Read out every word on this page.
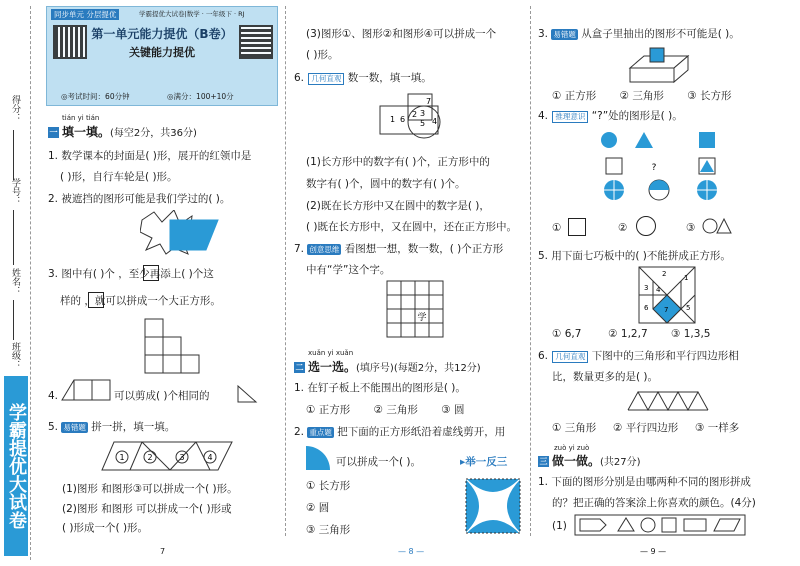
得分：
学号：
姓名：
班级：
学霸提优大试卷
同步单元 分层提优	学霸提优大试卷|数学 · 一年级下 · RJ
第一单元能力提优（B卷）
关键能力提优
◎考试时间：60分钟	◎满分：100+10分
tián yi tián
一 填一填。(每空2分，共36分)
1. 数学课本的封面是( )形，展开的红领巾是
( )形，自行车轮是( )形。
2. 被遮挡的图形可能是我们学过的( )。
3. 图中有( )个 ，至少再添上( )个这
样的 ，就可以拼成一个大正方形。
4.	可以剪成( )个相同的
5. 易错题 拼一拼，填一填。
1	2	3	4
(1)图形 和图形③可以拼成一个( )形。
(2)图形 和图形 可以拼成一个( )形或
( )形成一个( )形。
7
(3)图形①、图形②和图形④可以拼成一个
( )形。
6. 几何直观 数一数，填一填。
7
1 6
2 3
5 4
(1)长方形中的数字有( )个，正方形中的
数字有( )个，圆中的数字有( )个。
(2)既在长方形中又在圆中的数字是( )，
( )既在长方形中，又在圆中，还在正方形中。
7. 创意思维 看图想一想，数一数，( )个正方形
中有“学”这个字。
学
xuǎn yi xuǎn
二 选一选。(填序号)(每题2分，共12分)
1. 在钉子板上不能围出的图形是( )。
① 正方形 ② 三角形 ③ 圆
2. 重点题 把下面的正方形纸沿着虚线剪开，用
可以拼成一个( )。	▸举一反三
① 长方形
② 圆
③ 三角形
— 8 —
3. 易错题 从盒子里抽出的图形不可能是( )。
① 正方形 ② 三角形 ③ 长方形
4. 推理意识 “?”处的图形是( )。
?
①	②	③
5. 用下面七巧板中的( )不能拼成正方形。
2	1
3 4
6 7	5
① 6,7	② 1,2,7 ③ 1,3,5
6. 几何直观 下图中的三角形和平行四边形相
比，数量更多的是( )。
① 三角形 ② 平行四边形 ③ 一样多
zuò yi zuò
三 做一做。(共27分)
1. 下面的图形分别是由哪两种不同的图形拼成
的？把正确的答案涂上你喜欢的颜色。(4分)
(1)
— 9 —
